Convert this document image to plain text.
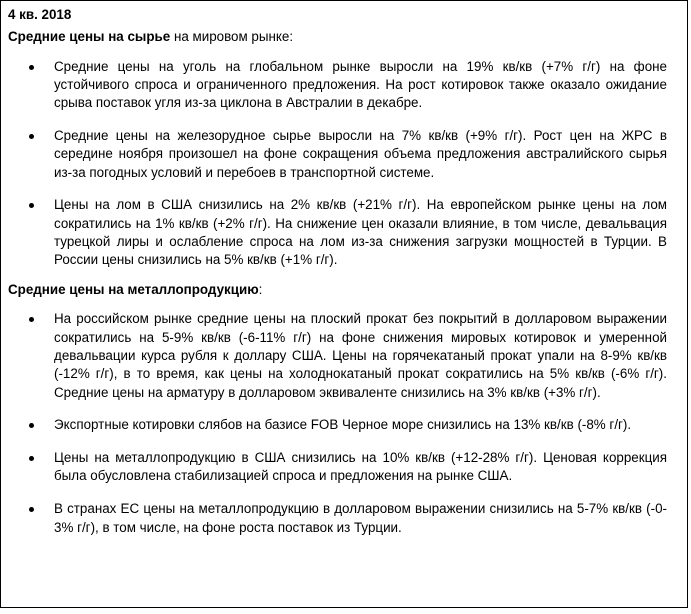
4 кв. 2018

Средние цены на сырье на мировом рынке:

Средние цены на уголь на глобальном рынке выросли на 19% кв/кв (+7% г/г) на фоне устойчивого спроса и ограниченного предложения. На рост котировок также оказало ожидание срыва поставок угля из-за циклона в Австралии в декабре.
Средние цены на железорудное сырье выросли на 7% кв/кв (+9% г/г). Рост цен на ЖРС в середине ноября произошел на фоне сокращения объема предложения австралийского сырья из-за погодных условий и перебоев в транспортной системе.
Цены на лом в США снизились на 2% кв/кв (+21% г/г). На европейском рынке цены на лом сократились на 1% кв/кв (+2% г/г). На снижение цен оказали влияние, в том числе, девальвация турецкой лиры и ослабление спроса на лом из-за снижения загрузки мощностей в Турции. В России цены снизились на 5% кв/кв (+1% г/г).

Средние цены на металлопродукцию:

На российском рынке средние цены на плоский прокат без покрытий в долларовом выражении сократились на 5-9% кв/кв (-6-11% г/г) на фоне снижения мировых котировок и умеренной девальвации курса рубля к доллару США. Цены на горячекатаный прокат упали на 8-9% кв/кв (-12% г/г), в то время, как цены на холоднокатаный прокат сократились на 5% кв/кв (-6% г/г). Средние цены на арматуру в долларовом эквиваленте снизились на 3% кв/кв (+3% г/г).
Экспортные котировки слябов на базисе FOB Черное море снизились на 13% кв/кв (-8% г/г).
Цены на металлопродукцию в США снизились на 10% кв/кв (+12-28% г/г). Ценовая коррекция была обусловлена стабилизацией спроса и предложения на рынке США.
В странах ЕС цены на металлопродукцию в долларовом выражении снизились на 5-7% кв/кв (-0-3% г/г), в том числе, на фоне роста поставок из Турции.
